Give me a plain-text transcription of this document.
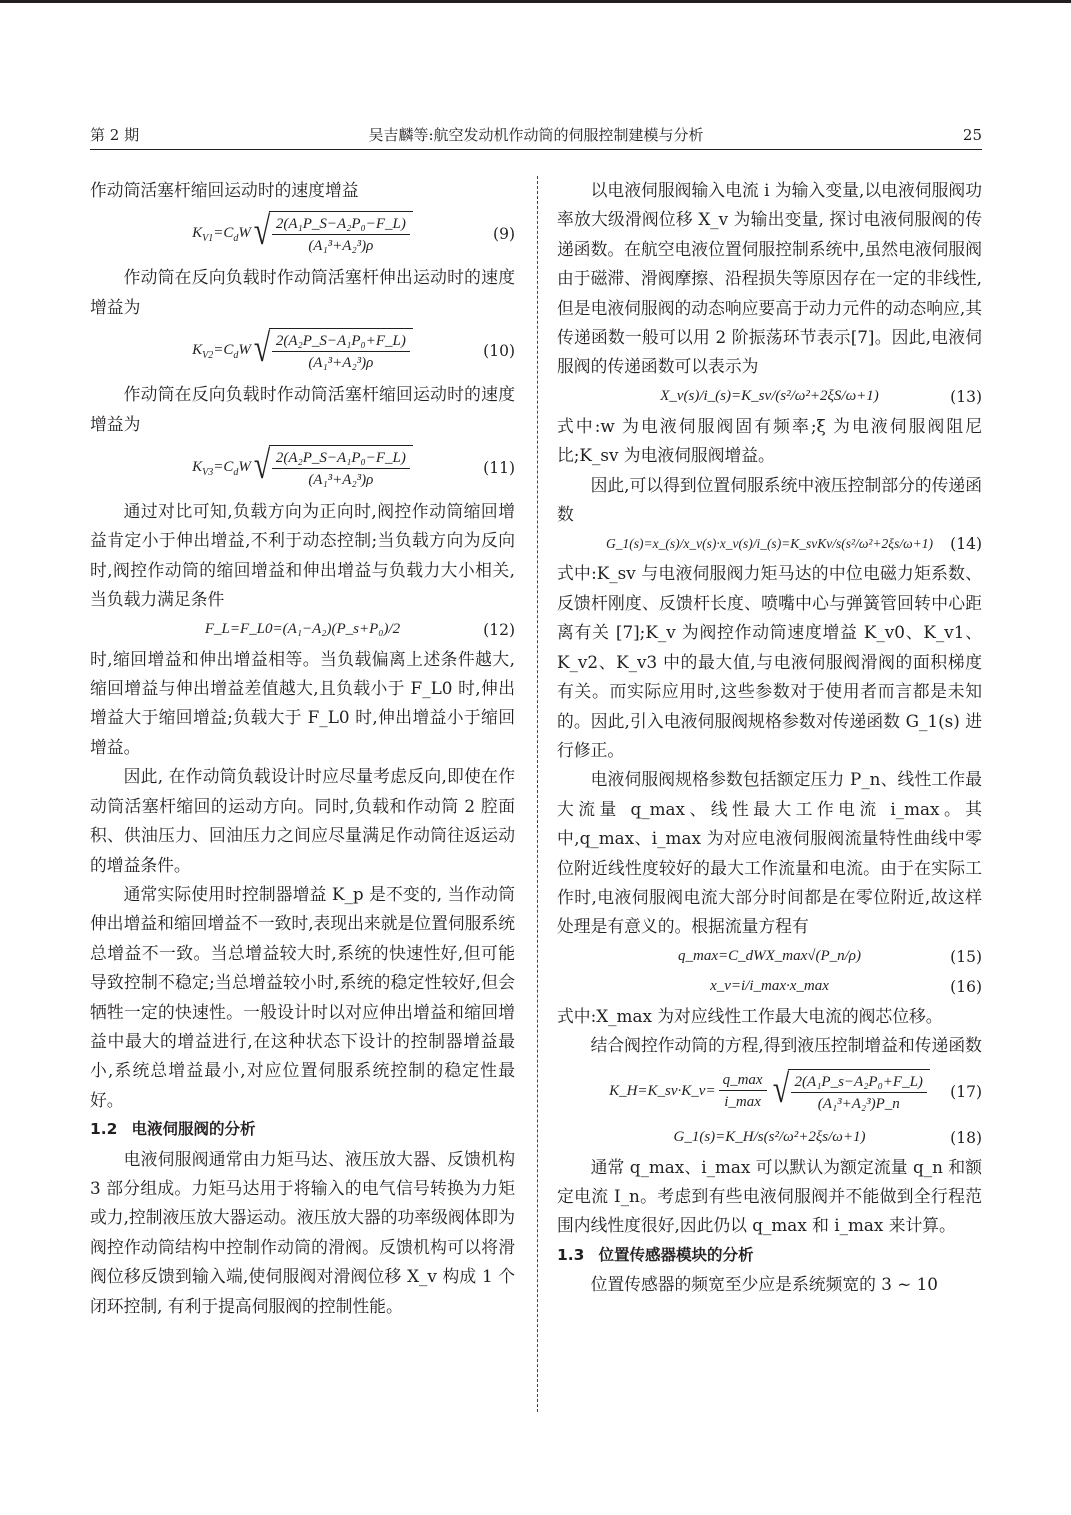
第 2 期	吴吉麟等:航空发动机作动筒的伺服控制建模与分析	25

作动筒活塞杆缩回运动时的速度增益

$K_{V1}=C_dW$ √ $\frac{\text{2(A₁P\_S−A₂P₀−F\_L)}}{\text{(A₁³+A₂³)ρ}}$	(9)

作动筒在反向负载时作动筒活塞杆伸出运动时的速度增益为

$K_{V2}=C_dW$ √ $\frac{\text{2(A₂P\_S−A₁P₀+F\_L)}}{\text{(A₁³+A₂³)ρ}}$	(10)

作动筒在反向负载时作动筒活塞杆缩回运动时的速度增益为

$K_{V3}=C_dW$ √ $\frac{\text{2(A₂P\_S−A₁P₀−F\_L)}}{\text{(A₁³+A₂³)ρ}}$	(11)

通过对比可知,负载方向为正向时,阀控作动筒缩回增益肯定小于伸出增益,不利于动态控制;当负载方向为反向时,阀控作动筒的缩回增益和伸出增益与负载力大小相关,当负载力满足条件

F_L=F_L0=(A₁−A₂)(P_s+P₀)/2	(12)

时,缩回增益和伸出增益相等。当负载偏离上述条件越大,缩回增益与伸出增益差值越大,且负载小于 F_L0 时,伸出增益大于缩回增益;负载大于 F_L0 时,伸出增益小于缩回增益。

因此, 在作动筒负载设计时应尽量考虑反向,即使在作动筒活塞杆缩回的运动方向。同时,负载和作动筒 2 腔面积、供油压力、回油压力之间应尽量满足作动筒往返运动的增益条件。

通常实际使用时控制器增益 K_p 是不变的, 当作动筒伸出增益和缩回增益不一致时,表现出来就是位置伺服系统总增益不一致。当总增益较大时,系统的快速性好,但可能导致控制不稳定;当总增益较小时,系统的稳定性较好,但会牺牲一定的快速性。一般设计时以对应伸出增益和缩回增益中最大的增益进行,在这种状态下设计的控制器增益最小,系统总增益最小,对应位置伺服系统控制的稳定性最好。

1.2 电液伺服阀的分析

电液伺服阀通常由力矩马达、液压放大器、反馈机构 3 部分组成。力矩马达用于将输入的电气信号转换为力矩或力,控制液压放大器运动。液压放大器的功率级阀体即为阀控作动筒结构中控制作动筒的滑阀。反馈机构可以将滑阀位移反馈到输入端,使伺服阀对滑阀位移 X_v 构成 1 个闭环控制, 有利于提高伺服阀的控制性能。

以电液伺服阀输入电流 i 为输入变量,以电液伺服阀功率放大级滑阀位移 X_v 为输出变量, 探讨电液伺服阀的传递函数。在航空电液位置伺服控制系统中,虽然电液伺服阀由于磁滞、滑阀摩擦、沿程损失等原因存在一定的非线性,但是电液伺服阀的动态响应要高于动力元件的动态响应,其传递函数一般可以用 2 阶振荡环节表示[7]。因此,电液伺服阀的传递函数可以表示为

X_v(s)/i_(s)=K_sv/(s²/ω²+2ξS/ω+1)	(13)

式中:w 为电液伺服阀固有频率;ξ 为电液伺服阀阻尼比;K_sv 为电液伺服阀增益。

因此,可以得到位置伺服系统中液压控制部分的传递函数

G_1(s)=x_(s)/x_v(s)·x_v(s)/i_(s)=K_svKv/s(s²/ω²+2ξs/ω+1) (14)

式中:K_sv 与电液伺服阀力矩马达的中位电磁力矩系数、反馈杆刚度、反馈杆长度、喷嘴中心与弹簧管回转中心距离有关 [7];K_v 为阀控作动筒速度增益 K_v0、K_v1、K_v2、K_v3 中的最大值,与电液伺服阀滑阀的面积梯度有关。而实际应用时,这些参数对于使用者而言都是未知的。因此,引入电液伺服阀规格参数对传递函数 G_1(s) 进行修正。

电液伺服阀规格参数包括额定压力 P_n、线性工作最大流量 q_max、线性最大工作电流 i_max。其中,q_max、i_max 为对应电液伺服阀流量特性曲线中零位附近线性度较好的最大工作流量和电流。由于在实际工作时,电液伺服阀电流大部分时间都是在零位附近,故这样处理是有意义的。根据流量方程有

q_max=C_dWX_max√(P_n/ρ)	(15)
x_v=i/i_max·x_max	(16)

式中:X_max 为对应线性工作最大电流的阀芯位移。

结合阀控作动筒的方程,得到液压控制增益和传递函数

K_H=K_sv·K_v= $\frac{q\_\max}{i\_\max}$ √ $\frac{\text{2(A₁P\_s−A₂P₀+F\_L)}}{\text{(A₁³+A₂³)P\_n}} (17)$
G_1(s)=K_H/s(s²/ω²+2ξs/ω+1)	(18)

通常 q_max、i_max 可以默认为额定流量 q_n 和额定电流 I_n。考虑到有些电液伺服阀并不能做到全行程范围内线性度很好,因此仍以 q_max 和 i_max 来计算。

1.3 位置传感器模块的分析

位置传感器的频宽至少应是系统频宽的 3 ~ 10
